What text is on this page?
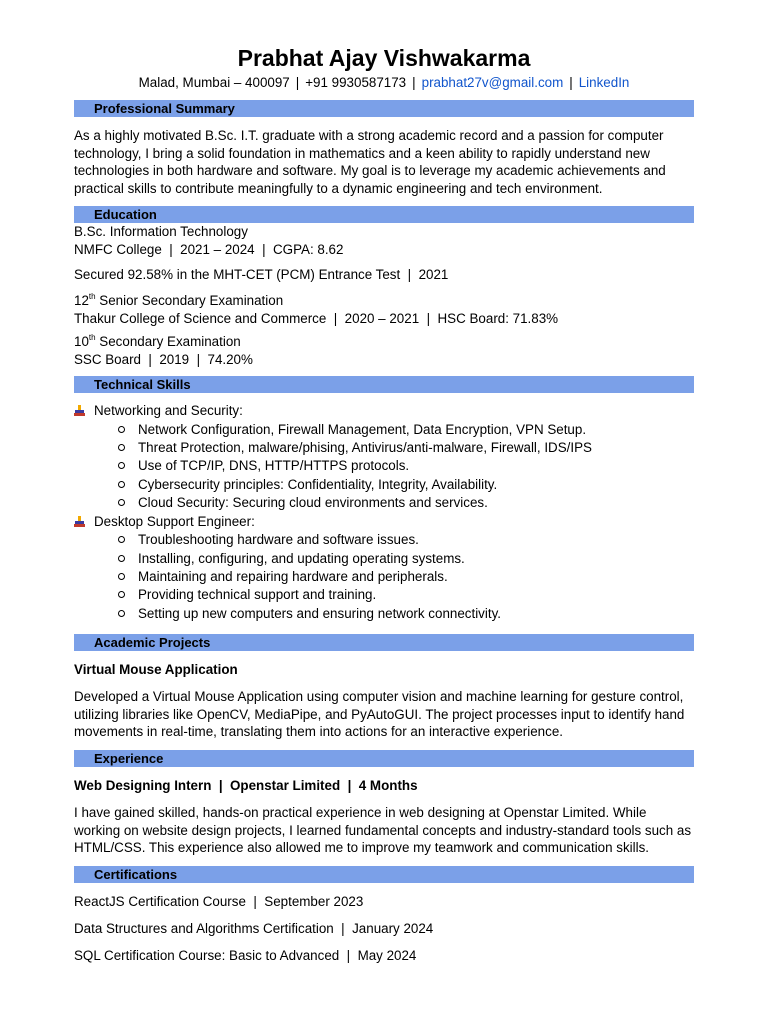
Prabhat Ajay Vishwakarma
Malad, Mumbai – 400097 | +91 9930587173 | prabhat27v@gmail.com | LinkedIn
Professional Summary
As a highly motivated B.Sc. I.T. graduate with a strong academic record and a passion for computer technology, I bring a solid foundation in mathematics and a keen ability to rapidly understand new technologies in both hardware and software. My goal is to leverage my academic achievements and practical skills to contribute meaningfully to a dynamic engineering and tech environment.
Education

B.Sc. Information Technology

NMFC College  |  2021 – 2024  |  CGPA: 8.62

Secured 92.58% in the MHT-CET (PCM) Entrance Test  |  2021

12th Senior Secondary Examination

Thakur College of Science and Commerce  |  2020 – 2021  |  HSC Board: 71.83%

10th Secondary Examination

SSC Board  |  2019  |  74.20%

Technical Skills
Networking and Security:
Network Configuration, Firewall Management, Data Encryption, VPN Setup.
Threat Protection, malware/phising, Antivirus/anti-malware, Firewall, IDS/IPS
Use of TCP/IP, DNS, HTTP/HTTPS protocols.
Cybersecurity principles: Confidentiality, Integrity, Availability.
Cloud Security: Securing cloud environments and services.
Desktop Support Engineer:
Troubleshooting hardware and software issues.
Installing, configuring, and updating operating systems.
Maintaining and repairing hardware and peripherals.
Providing technical support and training.
Setting up new computers and ensuring network connectivity.
Academic Projects
Virtual Mouse Application
Developed a Virtual Mouse Application using computer vision and machine learning for gesture control, utilizing libraries like OpenCV, MediaPipe, and PyAutoGUI. The project processes input to identify hand movements in real-time, translating them into actions for an interactive experience.
Experience
Web Designing Intern  |  Openstar Limited  |  4 Months
I have gained skilled, hands-on practical experience in web designing at Openstar Limited. While working on website design projects, I learned fundamental concepts and industry-standard tools such as HTML/CSS. This experience also allowed me to improve my teamwork and communication skills.
Certifications
ReactJS Certification Course  |  September 2023
Data Structures and Algorithms Certification  |  January 2024
SQL Certification Course: Basic to Advanced  |  May 2024
